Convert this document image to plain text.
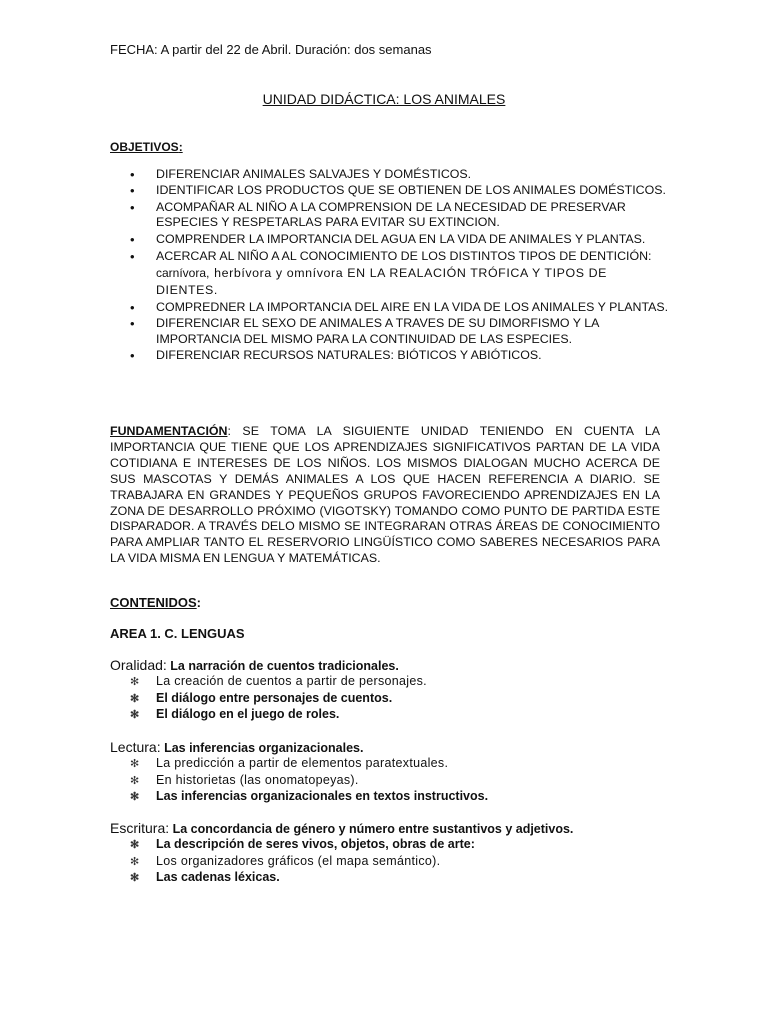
FECHA: A partir del 22 de Abril. Duración: dos semanas
UNIDAD DIDÁCTICA: LOS ANIMALES
OBJETIVOS:
• DIFERENCIAR ANIMALES SALVAJES Y DOMÉSTICOS.
• IDENTIFICAR LOS PRODUCTOS QUE SE OBTIENEN DE LOS ANIMALES DOMÉSTICOS.
• ACOMPAÑAR AL NIÑO A LA COMPRENSION DE LA NECESIDAD DE PRESERVAR ESPECIES Y RESPETARLAS PARA EVITAR SU EXTINCION.
• COMPRENDER LA IMPORTANCIA DEL AGUA EN LA VIDA DE ANIMALES Y PLANTAS.
• ACERCAR AL NIÑO A AL CONOCIMIENTO DE LOS DISTINTOS TIPOS DE DENTICIÓN: carnívora, herbívora y omnívora EN LA REALACIÓN TRÓFICA Y TIPOS DE DIENTES.
• COMPREDNER LA IMPORTANCIA DEL AIRE EN LA VIDA DE LOS ANIMALES Y PLANTAS.
• DIFERENCIAR EL SEXO DE ANIMALES A TRAVES DE SU DIMORFISMO Y LA IMPORTANCIA DEL MISMO PARA LA CONTINUIDAD DE LAS ESPECIES.
• DIFERENCIAR RECURSOS NATURALES: BIÓTICOS Y ABIÓTICOS.
FUNDAMENTACIÓN: SE TOMA LA SIGUIENTE UNIDAD TENIENDO EN CUENTA LA IMPORTANCIA QUE TIENE QUE LOS APRENDIZAJES SIGNIFICATIVOS PARTAN DE LA VIDA COTIDIANA E INTERESES DE LOS NIÑOS. LOS MISMOS DIALOGAN MUCHO ACERCA DE SUS MASCOTAS Y DEMÁS ANIMALES A LOS QUE HACEN REFERENCIA A DIARIO. SE TRABAJARA EN GRANDES Y PEQUEÑOS GRUPOS FAVORECIENDO APRENDIZAJES EN LA ZONA DE DESARROLLO PRÓXIMO (VIGOTSKY) TOMANDO COMO PUNTO DE PARTIDA ESTE DISPARADOR. A TRAVÉS DELO MISMO SE INTEGRARAN OTRAS ÁREAS DE CONOCIMIENTO PARA AMPLIAR TANTO EL RESERVORIO LINGÜÍSTICO COMO SABERES NECESARIOS PARA LA VIDA MISMA EN LENGUA Y MATEMÁTICAS.
CONTENIDOS:
AREA 1. C. LENGUAS
Oralidad: La narración de cuentos tradicionales.
✻ La creación de cuentos a partir de personajes.
✻ El diálogo entre personajes de cuentos.
✻ El diálogo en el juego de roles.
Lectura: Las inferencias organizacionales.
✻ La predicción a partir de elementos paratextuales.
✻ En historietas (las onomatopeyas).
✻ Las inferencias organizacionales en textos instructivos.
Escritura: La concordancia de género y número entre sustantivos y adjetivos.
✻ La descripción de seres vivos, objetos, obras de arte:
✻ Los organizadores gráficos (el mapa semántico).
✻ Las cadenas léxicas.
